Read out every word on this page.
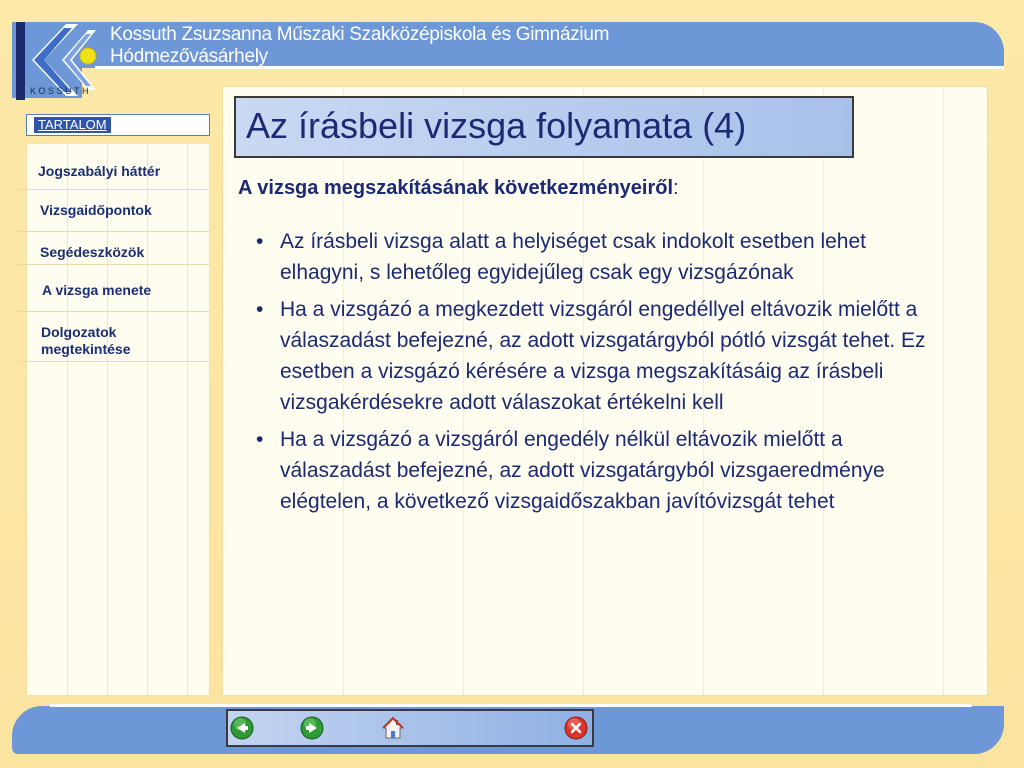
Kossuth Zsuzsanna Műszaki Szakközépiskola és Gimnázium
Hódmezővásárhely
KOSSUTH
TARTALOM
Jogszabályi háttér
Vizsgaidőpontok
Segédeszközök
A vizsga menete
Dolgozatok
megtekintése
Az írásbeli vizsga folyamata (4)
A vizsga megszakításának következményeiről:
• Az írásbeli vizsga alatt a helyiséget csak indokolt esetben lehet elhagyni, s lehetőleg egyidejűleg csak egy vizsgázónak
• Ha a vizsgázó a megkezdett vizsgáról engedéllyel eltávozik mielőtt a válaszadást befejezné, az adott vizsgatárgyból pótló vizsgát tehet. Ez esetben a vizsgázó kérésére a vizsga megszakításáig az írásbeli vizsgakérdésekre adott válaszokat értékelni kell
• Ha a vizsgázó a vizsgáról engedély nélkül eltávozik mielőtt a válaszadást befejezné, az adott vizsgatárgyból vizsgaeredménye elégtelen, a következő vizsgaidőszakban javítóvizsgát tehet
